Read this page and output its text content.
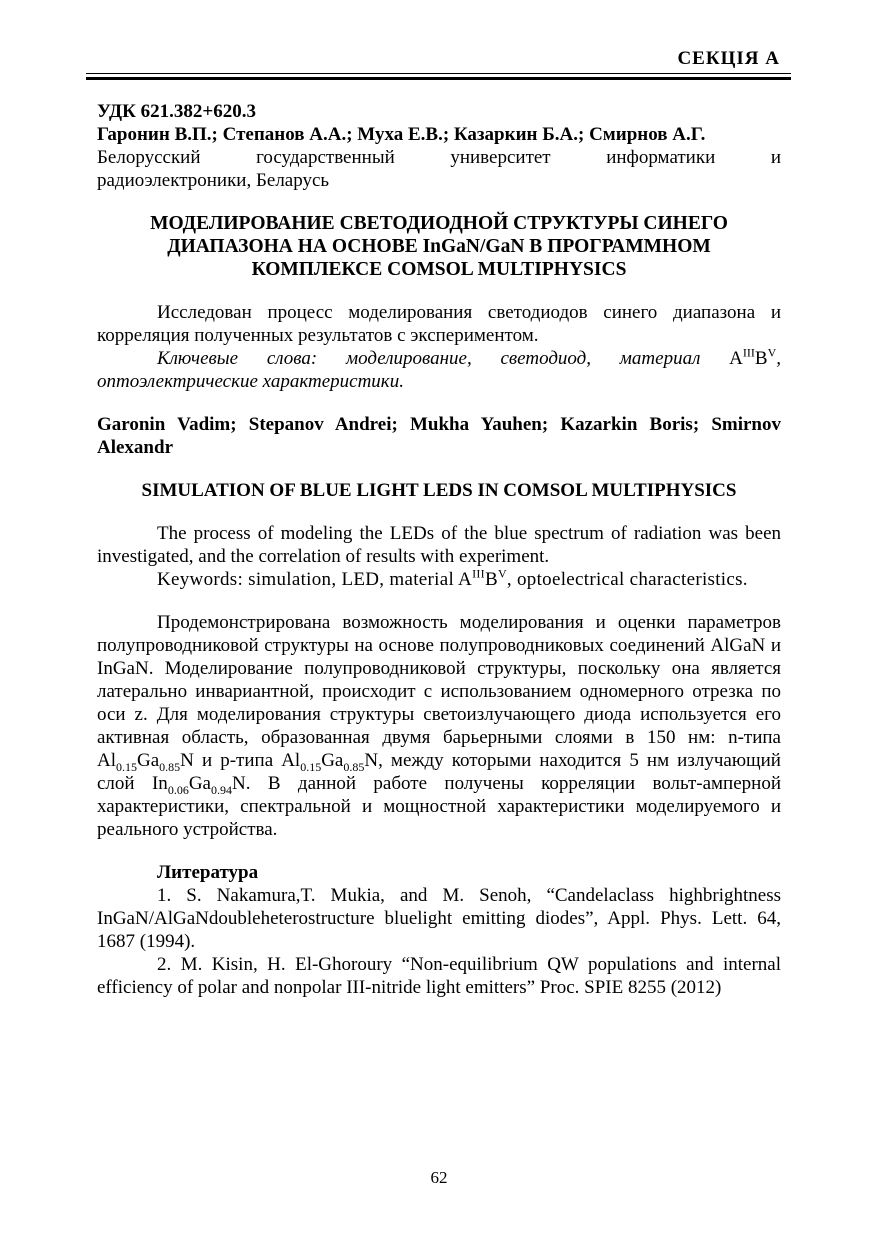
СЕКЦІЯ А

УДК 621.382+620.3

Гаронин В.П.; Степанов А.А.; Муха Е.В.; Казаркин Б.А.; Смирнов А.Г.

Белорусский государственный университет информатики и

радиоэлектроники, Беларусь

МОДЕЛИРОВАНИЕ СВЕТОДИОДНОЙ СТРУКТУРЫ СИНЕГО

ДИАПАЗОНА НА ОСНОВЕ InGaN/GaN В ПРОГРАММНОМ

КОМПЛЕКСЕ COMSOL MULTIPHYSICS

Исследован процесс моделирования светодиодов синего диапазона и корреляция полученных результатов с экспериментом.

Ключевые слова: моделирование, светодиод, материал $A^{III}B^V$, оптоэлектрические характеристики.

Garonin Vadim; Stepanov Andrei; Mukha Yauhen; Kazarkin Boris; Smirnov Alexandr

SIMULATION OF BLUE LIGHT LEDS IN COMSOL MULTIPHYSICS

The process of modeling the LEDs of the blue spectrum of radiation was been investigated, and the correlation of results with experiment.

Keywords: simulation, LED, material $A^{III}B^V$, optoelectrical characteristics.

Продемонстрирована возможность моделирования и оценки параметров полупроводниковой структуры на основе полупроводниковых соединений AlGaN и InGaN. Моделирование полупроводниковой структуры, поскольку она является латерально инвариантной, происходит с использованием одномерного отрезка по оси z. Для моделирования структуры светоизлучающего диода используется его активная область, образованная двумя барьерными слоями в 150 нм: n-типа $Al_{0.15}Ga_{0.85}N$ и p-типа $Al_{0.15}Ga_{0.85}N$, между которыми находится 5 нм излучающий слой $In_{0.06}Ga_{0.94}N$. В данной работе получены корреляции вольт-амперной характеристики, спектральной и мощностной характеристики моделируемого и реального устройства.

Литература

1. S. Nakamura,T. Mukia, and M. Senoh, “Candelaclass highbrightness InGaN/AlGaNdoubleheterostructure bluelight emitting diodes”, Appl. Phys. Lett. 64, 1687 (1994).

2. M. Kisin, H. El-Ghoroury “Non-equilibrium QW populations and internal efficiency of polar and nonpolar III-nitride light emitters” Proc. SPIE 8255 (2012)

62
